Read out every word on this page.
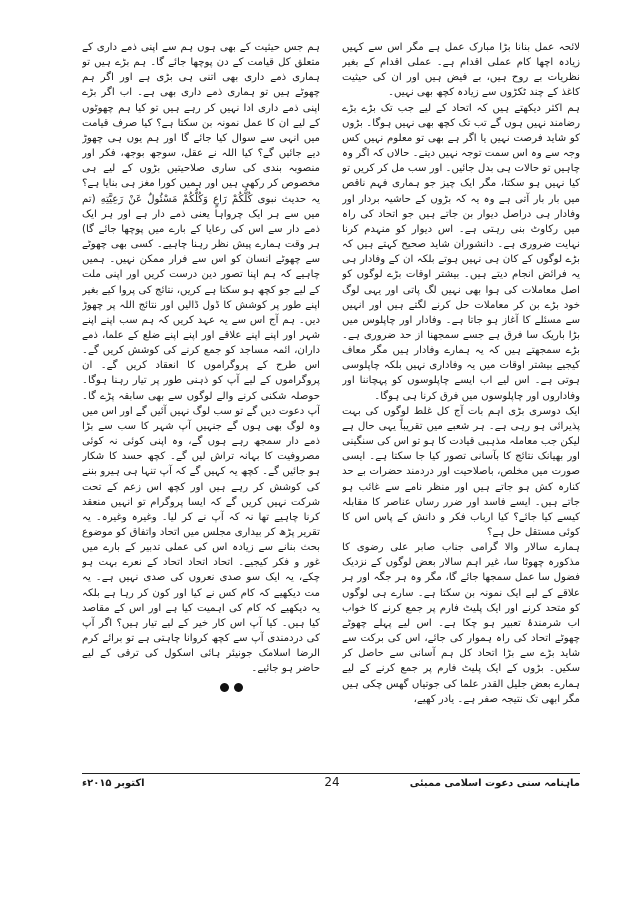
لائحہ عمل بنانا بڑا مبارک عمل ہے مگر اس سے کہیں زیادہ اچھا کام عملی اقدام ہے۔ عملی اقدام کے بغیر نظریات بے روح ہیں، بے فیض ہیں اور ان کی حیثیت کاغذ کے چند ٹکڑوں سے زیادہ کچھ بھی نہیں۔

ہم اکثر دیکھتے ہیں کہ اتحاد کے لیے جب تک بڑے بڑے رضامند نہیں ہوں گے تب تک کچھ بھی نہیں ہوگا۔ بڑوں کو شاید فرصت نہیں یا اگر ہے بھی تو معلوم نہیں کس وجہ سے وہ اس سمت توجہ نہیں دیتے۔ حالاں کہ اگر وہ چاہیں تو حالات ہی بدل جائیں۔ اور سب مل کر کریں تو کیا نہیں ہو سکتا، مگر ایک چیز جو ہماری فہم ناقص میں بار بار آتی ہے وہ یہ کہ بڑوں کے حاشیہ بردار اور وفادار ہی دراصل دیوار بن جاتے ہیں جو اتحاد کی راہ میں رکاوٹ بنی رہتی ہے۔ اس دیوار کو منہدم کرنا نہایت ضروری ہے۔ دانشوران شاید صحیح کہتے ہیں کہ بڑے لوگوں کے کان ہی نہیں ہوتے بلکہ ان کے وفادار ہی یہ فرائض انجام دیتے ہیں۔ بیشتر اوقات بڑے لوگوں کو اصل معاملات کی ہوا بھی نہیں لگ پاتی اور یہی لوگ خود بڑے بن کر معاملات حل کرنے لگتے ہیں اور انہیں سے مسئلے کا آغاز ہو جاتا ہے۔ وفادار اور چاپلوس میں بڑا باریک سا فرق ہے جسے سمجھنا از حد ضروری ہے۔ بڑے سمجھتے ہیں کہ یہ ہمارے وفادار ہیں مگر معاف کیجیے بیشتر اوقات میں یہ وفاداری نہیں بلکہ چاپلوسی ہوتی ہے۔ اس لیے اب ایسے چاپلوسوں کو پہچاننا اور وفاداروں اور چاپلوسوں میں فرق کرنا ہی ہوگا۔

ایک دوسری بڑی اہم بات آج کل غلط لوگوں کی بہت پذیرائی ہو رہی ہے۔ ہر شعبے میں تقریباً یہی حال ہے لیکن جب معاملہ مذہبی قیادت کا ہو تو اس کی سنگینی اور بھیانک نتائج کا بآسانی تصور کیا جا سکتا ہے۔ ایسی صورت میں مخلص، باصلاحیت اور دردمند حضرات بے حد کنارہ کش ہو جاتے ہیں اور منظر نامے سے غائب ہو جاتے ہیں۔ ایسے فاسد اور ضرر رساں عناصر کا مقابلہ کیسے کیا جائے؟ کیا ارباب فکر و دانش کے پاس اس کا کوئی مستقل حل ہے؟

ہمارے سالار والا گرامی جناب صابر علی رضوی کا مذکورہ چھوٹا سا، غیر اہم سالار بعض لوگوں کے نزدیک فضول سا عمل سمجھا جائے گا، مگر وہ ہر جگہ اور ہر علاقے کے لیے ایک نمونہ بن سکتا ہے۔ سارے ہی لوگوں کو متحد کرنے اور ایک پلیٹ فارم پر جمع کرنے کا خواب اب شرمندۂ تعبیر ہو چکا ہے۔ اس لیے پہلے چھوٹے چھوٹے اتحاد کی راہ ہموار کی جائے، اس کی برکت سے شاید بڑے سے بڑا اتحاد کل ہم آسانی سے حاصل کر سکیں۔ بڑوں کے ایک پلیٹ فارم پر جمع کرنے کے لیے ہمارے بعض جلیل القدر علما کی جوتیاں گھس چکی ہیں مگر ابھی تک نتیجہ صفر ہے۔ یادر کھیے،

ہم جس حیثیت کے بھی ہوں ہم سے اپنی ذمے داری کے متعلق کل قیامت کے دن پوچھا جائے گا۔ ہم بڑے ہیں تو ہماری ذمے داری بھی اتنی ہی بڑی ہے اور اگر ہم چھوٹے ہیں تو ہماری ذمے داری بھی ہے۔ اب اگر بڑے اپنی ذمے داری ادا نہیں کر رہے ہیں تو کیا ہم چھوٹوں کے لیے ان کا عمل نمونہ بن سکتا ہے؟ کیا صرف قیامت میں انہی سے سوال کیا جائے گا اور ہم یوں ہی چھوڑ دیے جائیں گے؟ کیا اللہ نے عقل، سوجھ بوجھ، فکر اور منصوبہ بندی کی ساری صلاحیتیں بڑوں کے لیے ہی مخصوص کر رکھی ہیں اور ہمیں کورا مغز ہی بنایا ہے؟ یہ حدیث نبوی كُلُّكُمْ رَاعٍ وَكُلُّكُمْ مَسْئُولٌ عَنْ رَعِيَّتِهِ (تم میں سے ہر ایک چرواہا یعنی ذمے دار ہے اور ہر ایک ذمے دار سے اس کی رعایا کے بارے میں پوچھا جائے گا) ہر وقت ہمارے پیش نظر رہنا چاہیے۔ کسی بھی چھوٹے سے چھوٹے انسان کو اس سے فرار ممکن نہیں۔ ہمیں چاہیے کہ ہم اپنا تصور دین درست کریں اور اپنی ملت کے لیے جو کچھ ہو سکتا ہے کریں، نتائج کی پروا کیے بغیر اپنے طور پر کوشش کا ڈول ڈالیں اور نتائج اللہ پر چھوڑ دیں۔ ہم آج اس سے یہ عہد کریں کہ ہم سب اپنے اپنے شہر اور اپنے اپنے علاقے اور اپنے اپنے ضلع کے علما، ذمے داران، ائمہ مساجد کو جمع کرنے کی کوشش کریں گے۔ اس طرح کے پروگراموں کا انعقاد کریں گے۔ ان پروگراموں کے لیے آپ کو ذہنی طور پر تیار رہنا ہوگا۔ حوصلہ شکنی کرنے والے لوگوں سے بھی سابقہ پڑے گا۔ آپ دعوت دیں گے تو سب لوگ نہیں آئیں گے اور اس میں وہ لوگ بھی ہوں گے جنہیں آپ شہر کا سب سے بڑا ذمے دار سمجھ رہے ہوں گے، وہ اپنی کوئی نہ کوئی مصروفیت کا بہانہ تراش لیں گے۔ کچھ حسد کا شکار ہو جائیں گے۔ کچھ یہ کہیں گے کہ آپ تنہا ہی ہیرو بننے کی کوشش کر رہے ہیں اور کچھ اس زعم کے تحت شرکت نہیں کریں گے کہ ایسا پروگرام تو انہیں منعقد کرنا چاہیے تھا نہ کہ آپ نے کر لیا۔ وغیرہ وغیرہ۔ یہ تقریر پڑھ کر بیداری مجلس میں اتحاد واتفاق کو موضوع بحث بنانے سے زیادہ اس کی عملی تدبیر کے بارے میں غور و فکر کیجیے۔ اتحاد اتحاد اتحاد کے نعرے بہت ہو چکے، یہ ایک سو صدی نعروں کی صدی نہیں ہے۔ یہ مت دیکھیے کہ کام کس نے کیا اور کون کر رہا ہے بلکہ یہ دیکھیے کہ کام کی اہمیت کیا ہے اور اس کے مقاصد کیا ہیں۔ کیا آپ اس کار خیر کے لیے تیار ہیں؟ اگر آپ کی دردمندی آپ سے کچھ کروانا چاہتی ہے تو برائے کرم الرضا اسلامک جونیئر ہائی اسکول کی ترقی کے لیے حاضر ہو جائیے۔

ماہنامہ سنی دعوت اسلامی ممبئی
24
اکتوبر ۲۰۱۵ء
